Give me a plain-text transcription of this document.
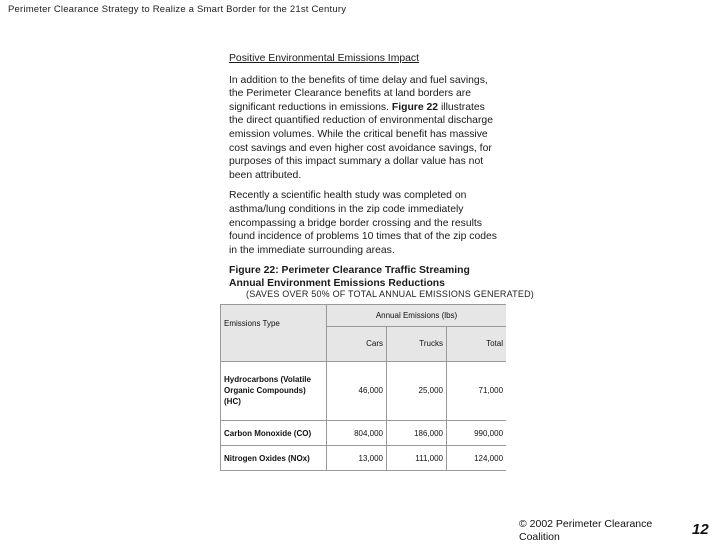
Perimeter Clearance Strategy to Realize a Smart Border for the 21st Century
Positive Environmental Emissions Impact

In addition to the benefits of time delay and fuel savings, the Perimeter Clearance benefits at land borders are significant reductions in emissions. Figure 22 illustrates the direct quantified reduction of environmental discharge emission volumes. While the critical benefit has massive cost savings and even higher cost avoidance savings, for purposes of this impact summary a dollar value has not been attributed.

Recently a scientific health study was completed on asthma/lung conditions in the zip code immediately encompassing a bridge border crossing and the results found incidence of problems 10 times that of the zip codes in the immediate surrounding areas.

Figure 22: Perimeter Clearance Traffic Streaming Annual Environment Emissions Reductions
(SAVES OVER 50% OF TOTAL ANNUAL EMISSIONS GENERATED)
Emissions Type	Annual Emissions (lbs)		
	Cars	Trucks	Total

Hydrocarbons (Volatile
Organic Compounds) (HC)	46,000	25,000	71,000
Carbon Monoxide (CO)	804,000	186,000	990,000
Nitrogen Oxides (NOx)	13,000	111,000	124,000
© 2002 Perimeter Clearance Coalition	12
